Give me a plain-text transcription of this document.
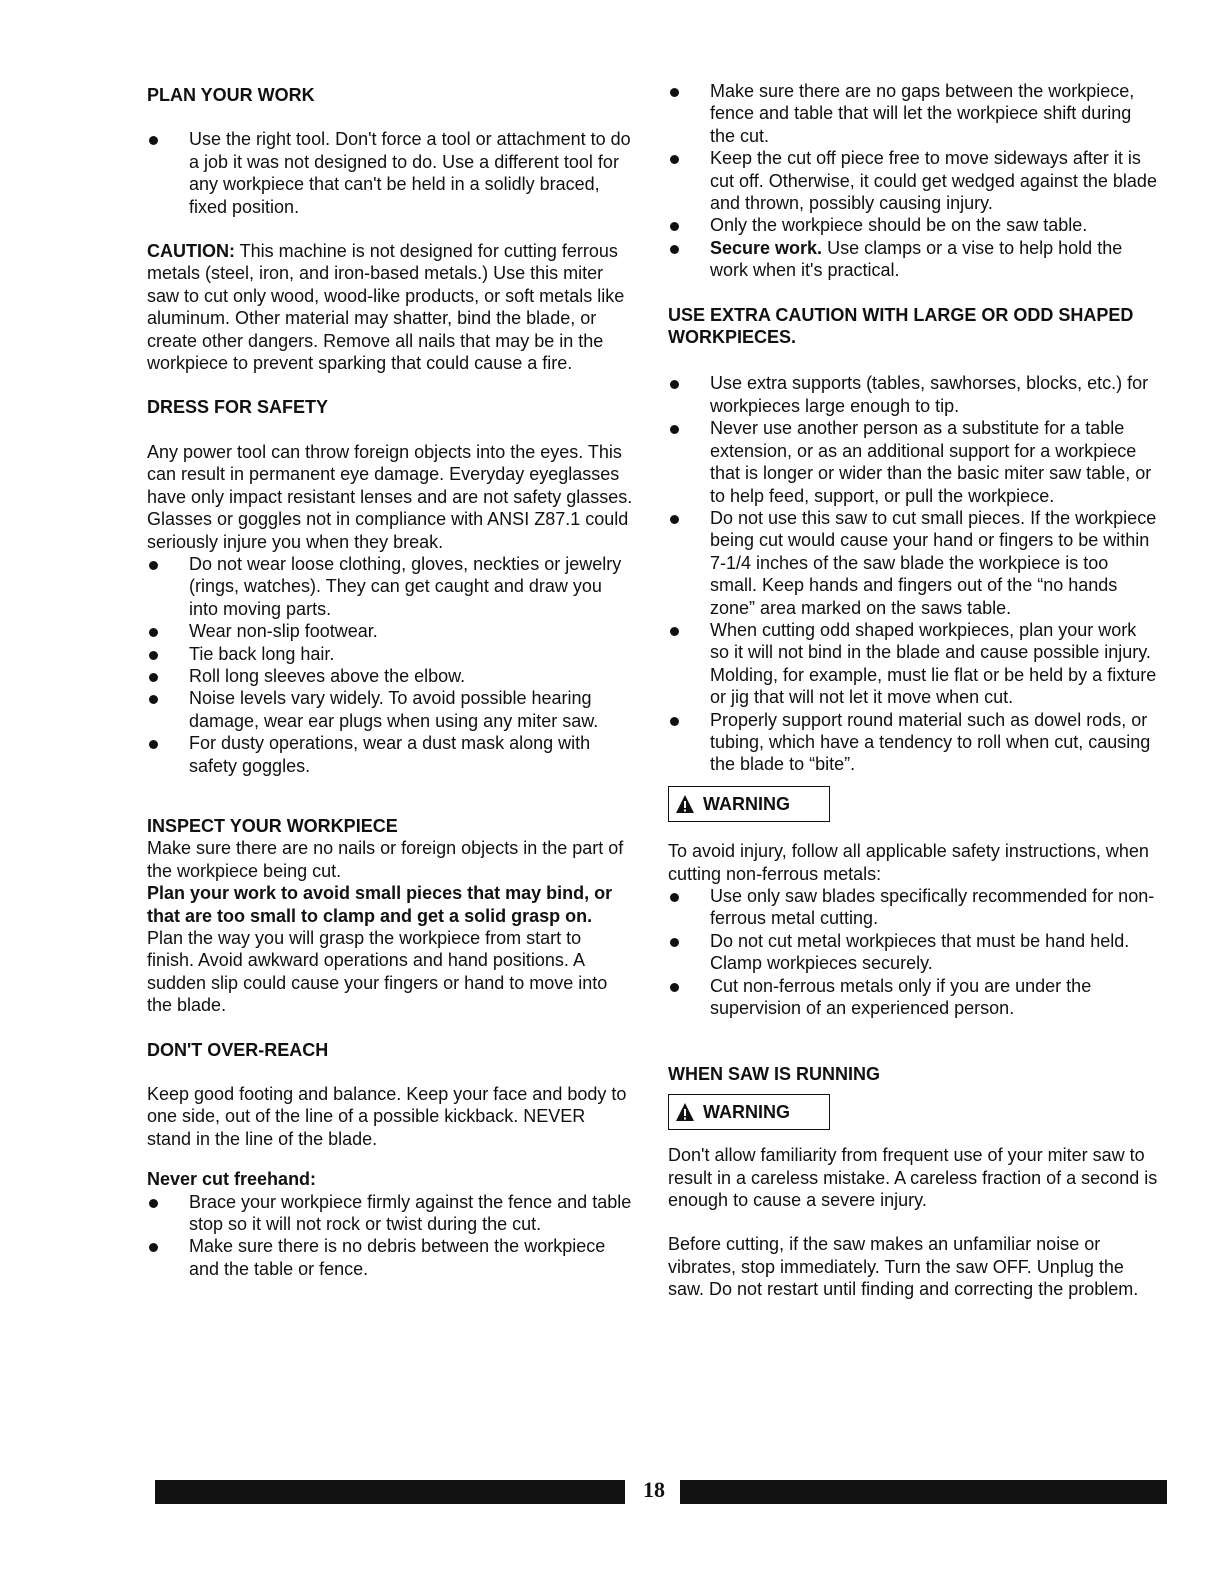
PLAN YOUR WORK
Use the right tool. Don't force a tool or attachment to do a job it was not designed to do. Use a different tool for any workpiece that can't be held in a solidly braced, fixed position.

CAUTION: This machine is not designed for cutting ferrous metals (steel, iron, and iron-based metals.) Use this miter saw to cut only wood, wood-like products, or soft metals like aluminum. Other material may shatter, bind the blade, or create other dangers. Remove all nails that may be in the workpiece to prevent sparking that could cause a fire.

DRESS FOR SAFETY

Any power tool can throw foreign objects into the eyes. This can result in permanent eye damage. Everyday eyeglasses have only impact resistant lenses and are not safety glasses. Glasses or goggles not in compliance with ANSI Z87.1 could seriously injure you when they break.

Do not wear loose clothing, gloves, neckties or jewelry (rings, watches). They can get caught and draw you into moving parts.
Wear non-slip footwear.
Tie back long hair.
Roll long sleeves above the elbow.
Noise levels vary widely. To avoid possible hearing damage, wear ear plugs when using any miter saw.
For dusty operations, wear a dust mask along with safety goggles.
INSPECT YOUR WORKPIECE

Make sure there are no nails or foreign objects in the part of the workpiece being cut.

Plan your work to avoid small pieces that may bind, or that are too small to clamp and get a solid grasp on.

Plan the way you will grasp the workpiece from start to finish. Avoid awkward operations and hand positions. A sudden slip could cause your fingers or hand to move into the blade.

DON'T OVER-REACH

Keep good footing and balance. Keep your face and body to one side, out of the line of a possible kickback. NEVER stand in the line of the blade.

Never cut freehand:
Brace your workpiece firmly against the fence and table stop so it will not rock or twist during the cut.
Make sure there is no debris between the workpiece and the table or fence.
Make sure there are no gaps between the workpiece, fence and table that will let the workpiece shift during the cut.
Keep the cut off piece free to move sideways after it is cut off. Otherwise, it could get wedged against the blade and thrown, possibly causing injury.
Only the workpiece should be on the saw table.
Secure work. Use clamps or a vise to help hold the work when it's practical.
USE EXTRA CAUTION WITH LARGE OR ODD SHAPED WORKPIECES.
Use extra supports (tables, sawhorses, blocks, etc.) for workpieces large enough to tip.
Never use another person as a substitute for a table extension, or as an additional support for a workpiece that is longer or wider than the basic miter saw table, or to help feed, support, or pull the workpiece.
Do not use this saw to cut small pieces. If the workpiece being cut would cause your hand or fingers to be within 7-1/4 inches of the saw blade the workpiece is too small. Keep hands and fingers out of the “no hands zone” area marked on the saws table.
When cutting odd shaped workpieces, plan your work so it will not bind in the blade and cause possible injury. Molding, for example, must lie flat or be held by a fixture or jig that will not let it move when cut.
Properly support round material such as dowel rods, or tubing, which have a tendency to roll when cut, causing the blade to “bite”.
WARNING

To avoid injury, follow all applicable safety instructions, when cutting non-ferrous metals:

Use only saw blades specifically recommended for non-ferrous metal cutting.
Do not cut metal workpieces that must be hand held. Clamp workpieces securely.
Cut non-ferrous metals only if you are under the supervision of an experienced person.
WHEN SAW IS RUNNING
WARNING

Don't allow familiarity from frequent use of your miter saw to result in a careless mistake. A careless fraction of a second is enough to cause a severe injury.

Before cutting, if the saw makes an unfamiliar noise or vibrates, stop immediately. Turn the saw OFF. Unplug the saw. Do not restart until finding and correcting the problem.

18
